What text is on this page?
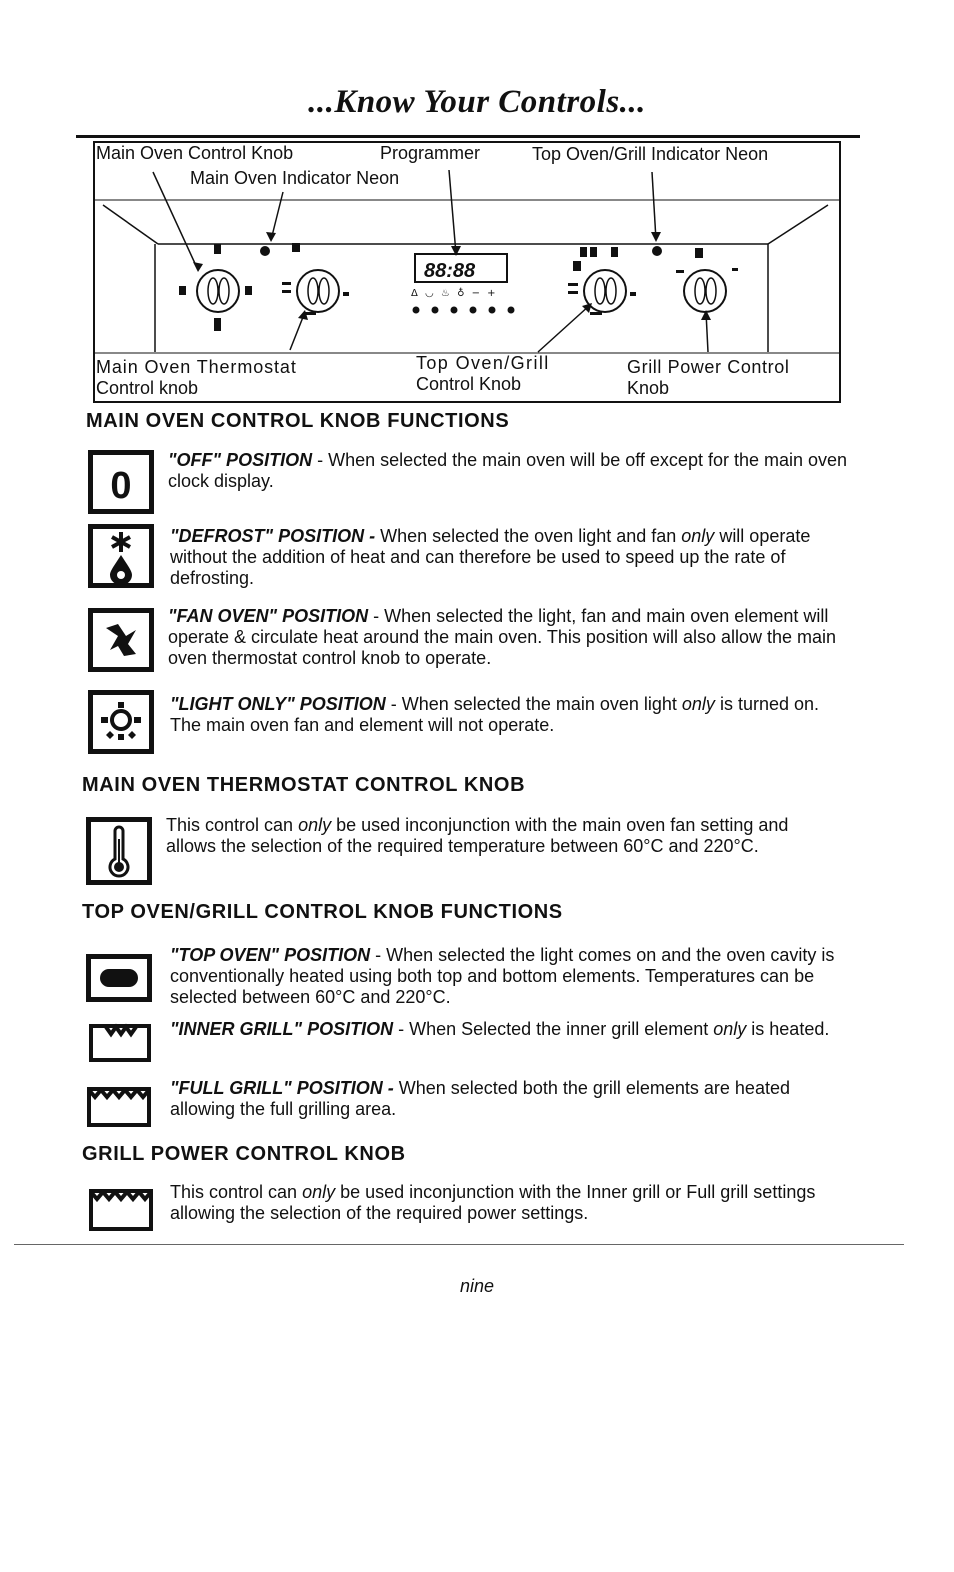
...Know Your Controls...
88:88
Δ ◡ ♨ ♁ − +
Main Oven Control Knob	Programmer	Top Oven/Grill Indicator Neon
Main Oven Indicator Neon
Main Oven Thermostat
Control knob
Top Oven/Grill
Control Knob
Grill Power Control
Knob
MAIN OVEN CONTROL KNOB FUNCTIONS
0
"OFF" POSITION - When selected the main oven will be off except for the main oven clock display.
"DEFROST" POSITION - When selected the oven light and fan only will operate without the addition of heat and can therefore be used to speed up the rate of defrosting.
"FAN OVEN" POSITION - When selected the light, fan and main oven element will operate & circulate heat around the main oven. This position will also allow the main oven thermostat control knob to operate.
"LIGHT ONLY" POSITION - When selected the main oven light only is turned on. The main oven fan and element will not operate.
MAIN OVEN THERMOSTAT CONTROL KNOB
This control can only be used inconjunction with the main oven fan setting and allows the selection of the required temperature between 60°C and 220°C.
TOP OVEN/GRILL CONTROL KNOB FUNCTIONS
"TOP OVEN" POSITION - When selected the light comes on and the oven cavity is conventionally heated using both top and bottom elements. Temperatures can be selected between 60°C and 220°C.
"INNER GRILL" POSITION - When Selected the inner grill element only is heated.
"FULL GRILL" POSITION - When selected both the grill elements are heated allowing the full grilling area.
GRILL POWER CONTROL KNOB
This control can only be used inconjunction with the Inner grill or Full grill settings allowing the selection of the required power settings.
nine
